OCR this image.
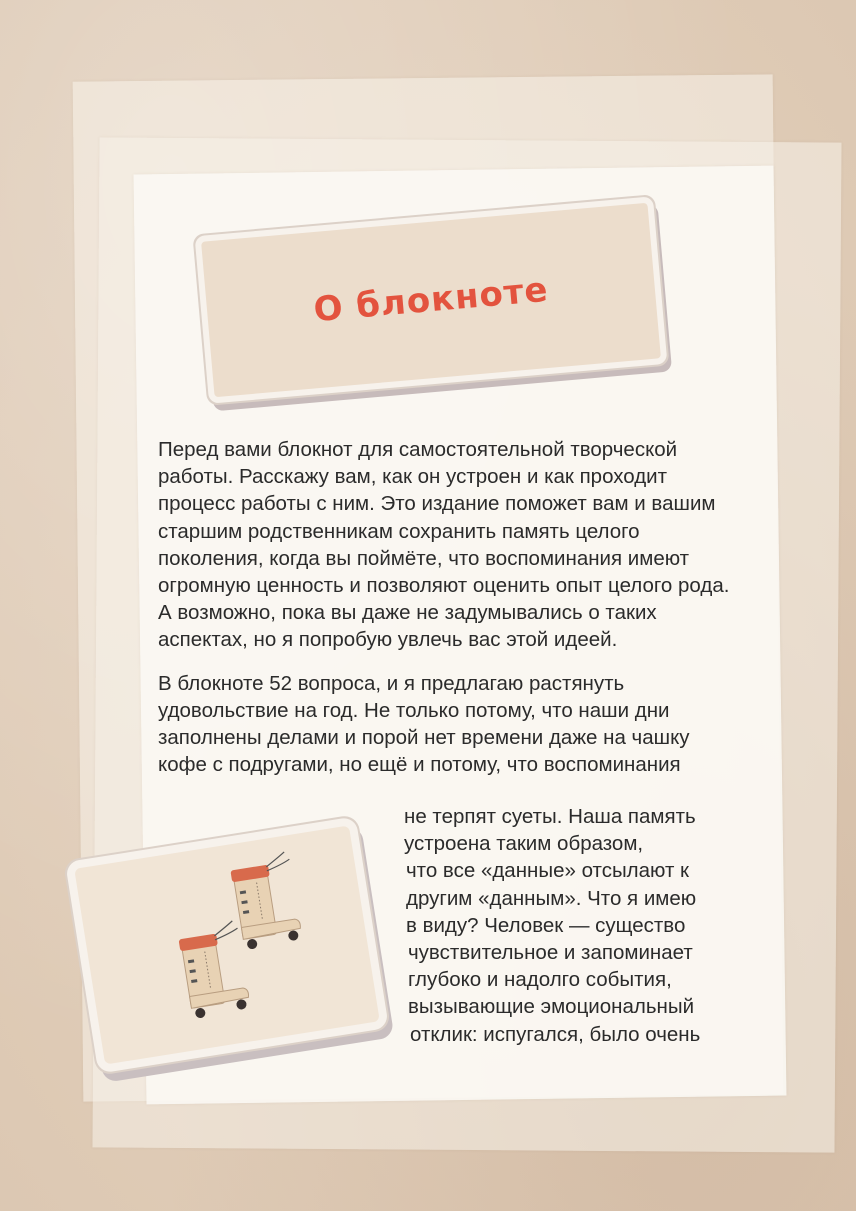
О блокноте

Перед вами блокнот для самостоятельной творческой работы. Расскажу вам, как он устроен и как проходит процесс работы с ним. Это издание поможет вам и вашим старшим родственникам сохранить память целого поколения, когда вы поймёте, что воспоминания имеют огромную ценность и позволяют оценить опыт целого рода. А возможно, пока вы даже не задумывались о таких аспектах, но я попробую увлечь вас этой идеей.

В блокноте 52 вопроса, и я предлагаю растянуть удовольствие на год. Не только потому, что наши дни заполнены делами и порой нет времени даже на чашку кофе с подругами, но ещё и потому, что воспоминания

не терпят суеты. Наша память
устроена таким образом,
что все «данные» отсылают к
другим «данным». Что я имею
в виду? Человек — существо
чувствительное и запоминает
глубоко и надолго события,
вызывающие эмоциональный
отклик: испугался, было очень
